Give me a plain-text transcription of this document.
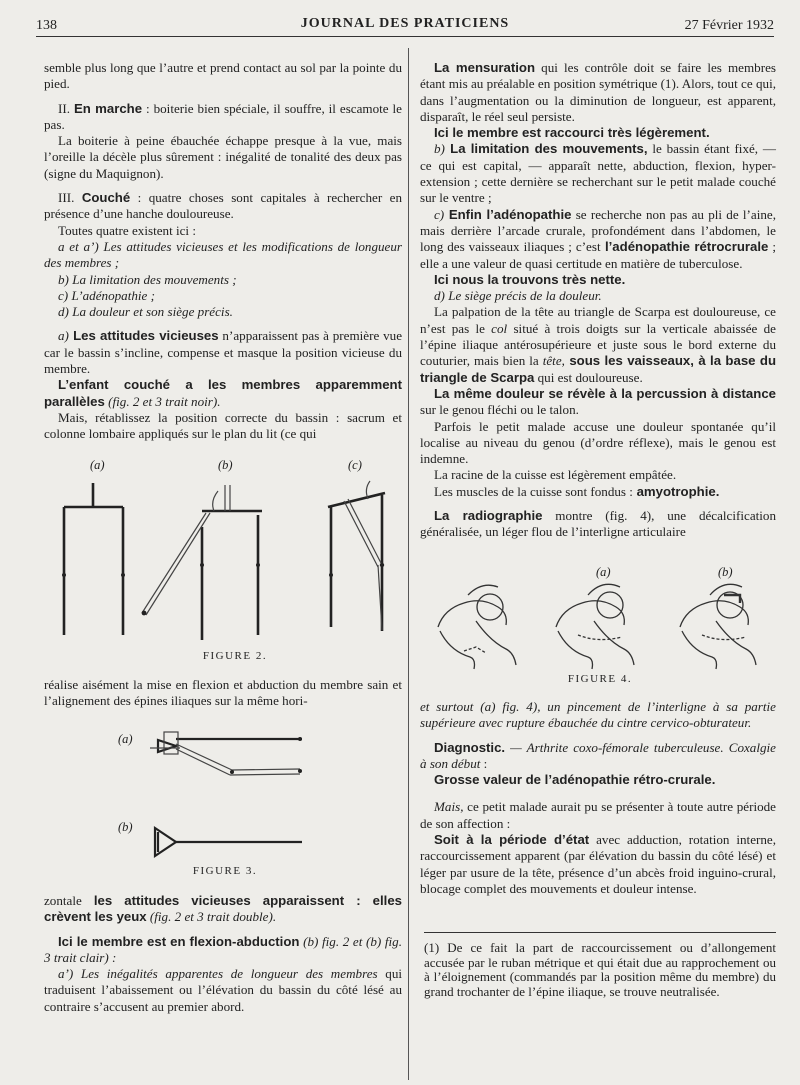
138	JOURNAL DES PRATICIENS	27 Février 1932

semble plus long que l’autre et prend contact au sol par la pointe du pied.

II. En marche : boiterie bien spéciale, il souffre, il escamote le pas.

La boiterie à peine ébauchée échappe presque à la vue, mais l’oreille la décèle plus sûrement : inégalité de tonalité des deux pas (signe du Maquignon).

III. Couché : quatre choses sont capitales à rechercher en présence d’une hanche douloureuse.

Toutes quatre existent ici :

a et a’) Les attitudes vicieuses et les modifications de longueur des membres ;

b) La limitation des mouvements ;

c) L’adénopathie ;

d) La douleur et son siège précis.

a) Les attitudes vicieuses n’apparaissent pas à première vue car le bassin s’incline, compense et masque la position vicieuse du membre.

L’enfant couché a les membres apparemment parallèles (fig. 2 et 3 trait noir).

Mais, rétablissez la position correcte du bassin : sacrum et colonne lombaire appliqués sur le plan du lit (ce qui

(a)	(b)	(c)
FIGURE 2.

réalise aisément la mise en flexion et abduction du membre sain et l’alignement des épines iliaques sur la même hori-

(a)
(b)
FIGURE 3.

zontale les attitudes vicieuses apparaissent : elles crèvent les yeux (fig. 2 et 3 trait double).

Ici le membre est en flexion-abduction (b) fig. 2 et (b) fig. 3 trait clair) :

a’) Les inégalités apparentes de longueur des membres qui traduisent l’abaissement ou l’élévation du bassin du côté lésé au contraire s’accusent au premier abord.

La mensuration qui les contrôle doit se faire les membres étant mis au préalable en position symétrique (1). Alors, tout ce qui, dans l’augmentation ou la diminution de longueur, est apparent, disparaît, le réel seul persiste.

Ici le membre est raccourci très légèrement.

b) La limitation des mouvements, le bassin étant fixé, — ce qui est capital, — apparaît nette, abduction, flexion, hyper-extension ; cette dernière se recherchant sur le petit malade couché sur le ventre ;

c) Enfin l’adénopathie se recherche non pas au pli de l’aine, mais derrière l’arcade crurale, profondément dans l’abdomen, le long des vaisseaux iliaques ; c’est l’adénopathie rétrocrurale ; elle a une valeur de quasi certitude en matière de tuberculose.

Ici nous la trouvons très nette.

d) Le siège précis de la douleur.

La palpation de la tête au triangle de Scarpa est douloureuse, ce n’est pas le col situé à trois doigts sur la verticale abaissée de l’épine iliaque antérosupérieure et juste sous le bord externe du couturier, mais bien la tête, sous les vaisseaux, à la base du triangle de Scarpa qui est douloureuse.

La même douleur se révèle à la percussion à distance sur le genou fléchi ou le talon.

Parfois le petit malade accuse une douleur spontanée qu’il localise au niveau du genou (d’ordre réflexe), mais le genou est indemne.

La racine de la cuisse est légèrement empâtée.

Les muscles de la cuisse sont fondus : amyotrophie.

La radiographie montre (fig. 4), une décalcification généralisée, un léger flou de l’interligne articulaire

(a)	(b)
FIGURE 4.

et surtout (a) fig. 4), un pincement de l’interligne à sa partie supérieure avec rupture ébauchée du cintre cervico-obturateur.

Diagnostic. — Arthrite coxo-fémorale tuberculeuse. Coxalgie à son début :

Grosse valeur de l’adénopathie rétro-crurale.

Mais, ce petit malade aurait pu se présenter à toute autre période de son affection :

Soit à la période d’état avec adduction, rotation interne, raccourcissement apparent (par élévation du bassin du côté lésé) et léger par usure de la tête, présence d’un abcès froid inguino-crural, blocage complet des mouvements et douleur intense.

(1) De ce fait la part de raccourcissement ou d’allongement accusée par le ruban métrique et qui était due au rapprochement ou à l’éloignement (commandés par la position même du membre) du grand trochanter de l’épine iliaque, se trouve neutralisée.
